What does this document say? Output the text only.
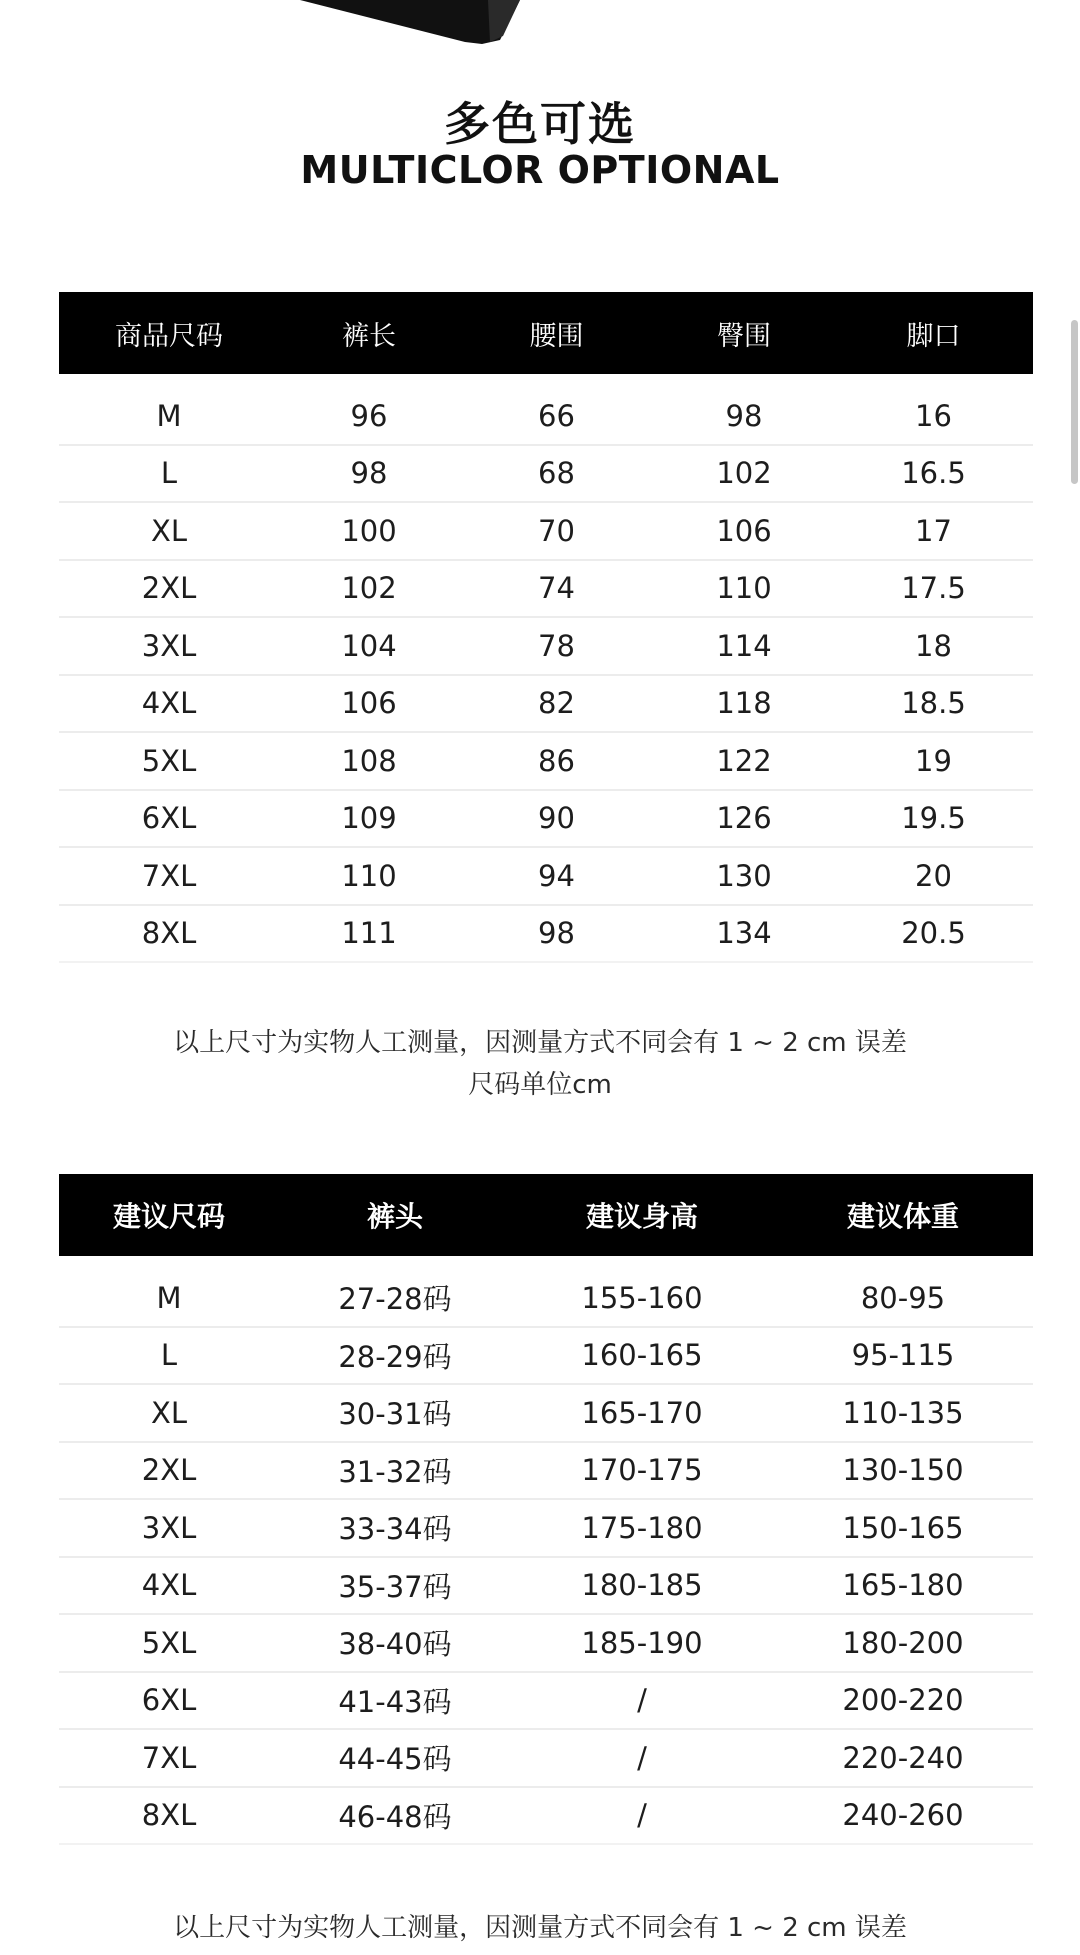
多色可选
MULTICLOR OPTIONAL
商品尺码	裤长	腰围	臀围	脚口

M	96	66	98	16
L	98	68	102	16.5
XL	100	70	106	17
2XL	102	74	110	17.5
3XL	104	78	114	18
4XL	106	82	118	18.5
5XL	108	86	122	19
6XL	109	90	126	19.5
7XL	110	94	130	20
8XL	111	98	134	20.5
以上尺寸为实物人工测量，因测量方式不同会有 1 ~ 2 cm 误差
尺码单位cm
建议尺码	裤头	建议身高	建议体重

M	27-28码	155-160	80-95
L	28-29码	160-165	95-115
XL	30-31码	165-170	110-135
2XL	31-32码	170-175	130-150
3XL	33-34码	175-180	150-165
4XL	35-37码	180-185	165-180
5XL	38-40码	185-190	180-200
6XL	41-43码	/	200-220
7XL	44-45码	/	220-240
8XL	46-48码	/	240-260
以上尺寸为实物人工测量，因测量方式不同会有 1 ~ 2 cm 误差
